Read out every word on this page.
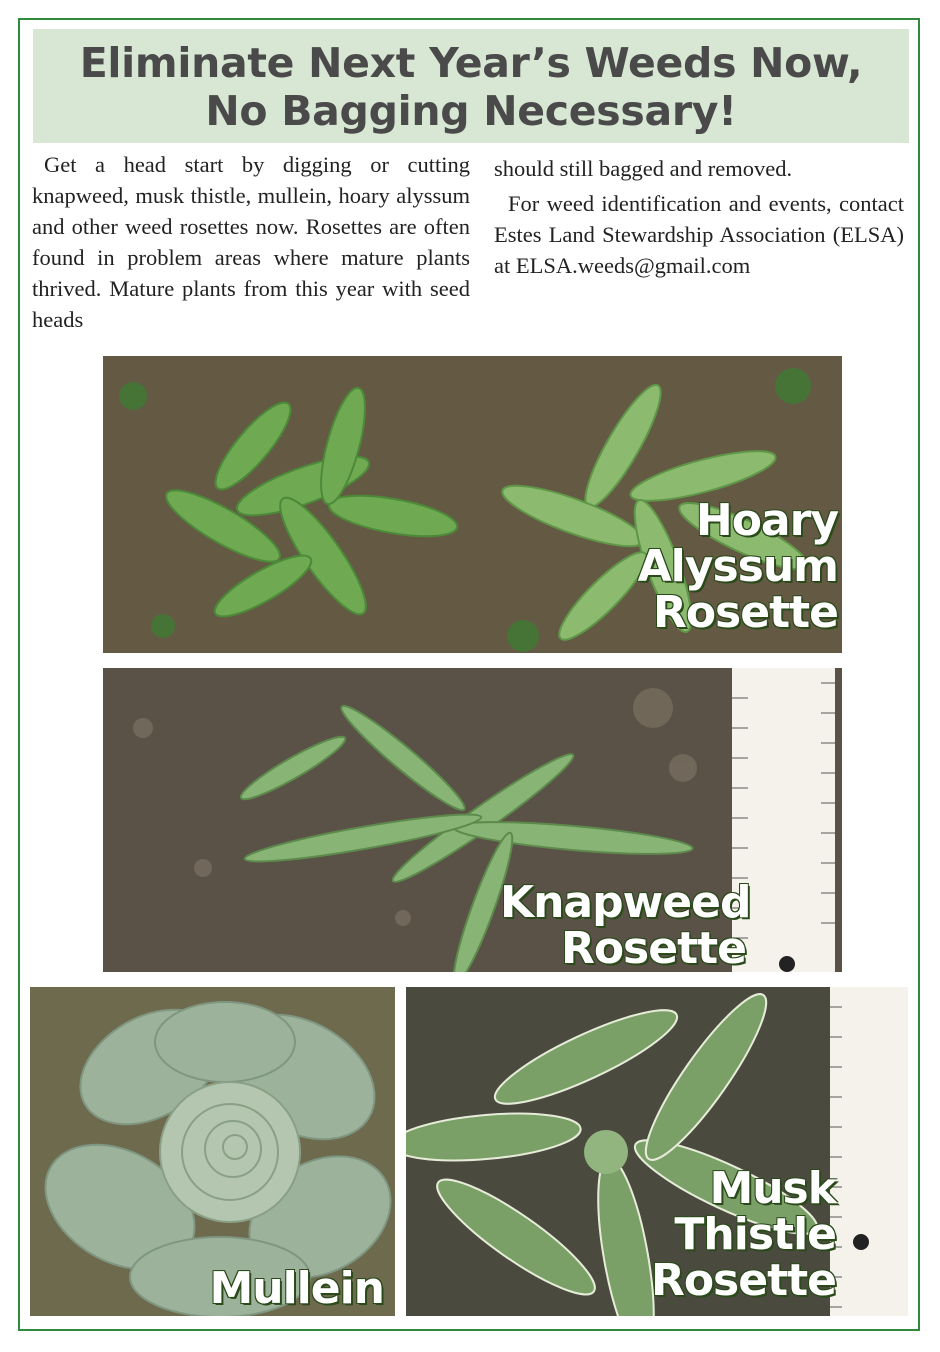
Eliminate Next Year’s Weeds Now,
No Bagging Necessary!

Get a head start by digging or cutting knapweed, musk thistle, mullein, hoary alyssum and other weed rosettes now. Rosettes are often found in problem areas where mature plants thrived. Mature plants from this year with seed heads

should still bagged and removed.

For weed identification and events, contact Estes Land Stewardship Association (ELSA) at ELSA.weeds@gmail.com

Hoary
Alyssum
Rosette
Knapweed
Rosette
Mullein
Musk
Thistle
Rosette
